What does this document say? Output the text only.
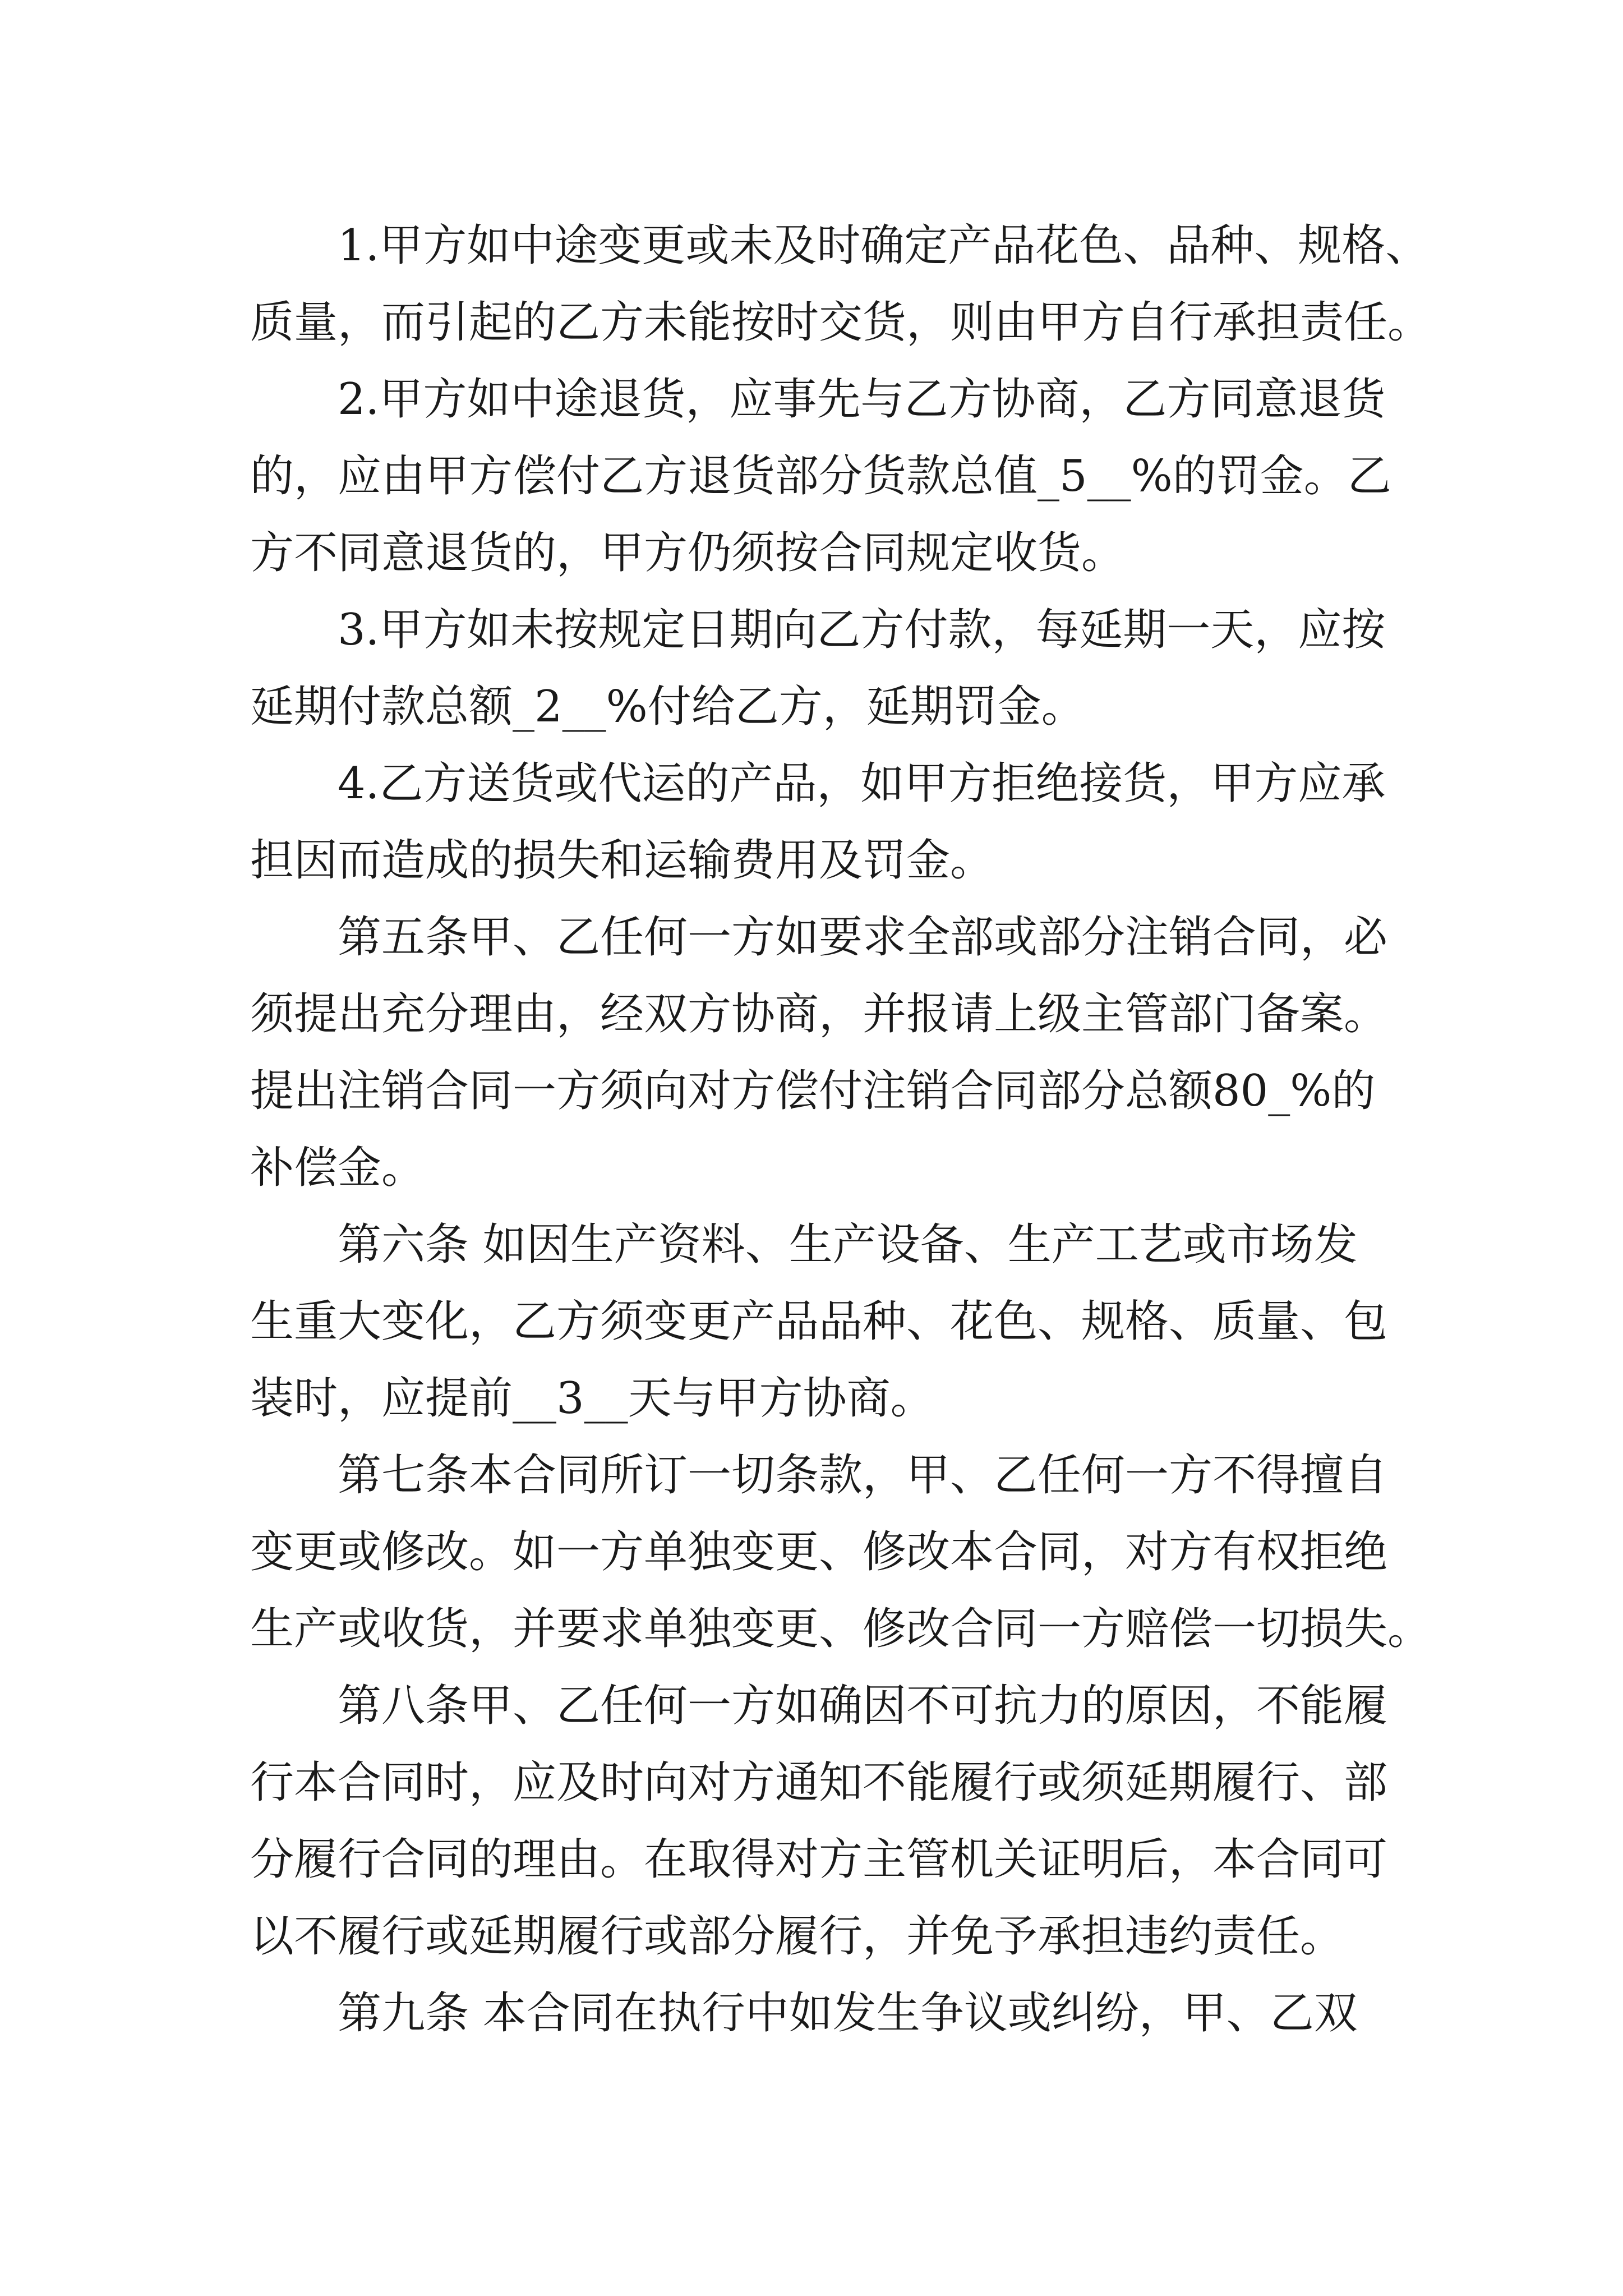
1.甲方如中途变更或未及时确定产品花色、品种、规格、
质量，而引起的乙方未能按时交货，则由甲方自行承担责任。
2.甲方如中途退货，应事先与乙方协商，乙方同意退货
的，应由甲方偿付乙方退货部分货款总值_5__%的罚金。乙
方不同意退货的，甲方仍须按合同规定收货。
3.甲方如未按规定日期向乙方付款，每延期一天，应按
延期付款总额_2__%付给乙方，延期罚金。
4.乙方送货或代运的产品，如甲方拒绝接货，甲方应承
担因而造成的损失和运输费用及罚金。
第五条甲、乙任何一方如要求全部或部分注销合同，必
须提出充分理由，经双方协商，并报请上级主管部门备案。
提出注销合同一方须向对方偿付注销合同部分总额80_%的
补偿金。
第六条 如因生产资料、生产设备、生产工艺或市场发
生重大变化，乙方须变更产品品种、花色、规格、质量、包
装时，应提前__3__天与甲方协商。
第七条本合同所订一切条款，甲、乙任何一方不得擅自
变更或修改。如一方单独变更、修改本合同，对方有权拒绝
生产或收货，并要求单独变更、修改合同一方赔偿一切损失。
第八条甲、乙任何一方如确因不可抗力的原因，不能履
行本合同时，应及时向对方通知不能履行或须延期履行、部
分履行合同的理由。在取得对方主管机关证明后，本合同可
以不履行或延期履行或部分履行，并免予承担违约责任。
第九条 本合同在执行中如发生争议或纠纷，甲、乙双
